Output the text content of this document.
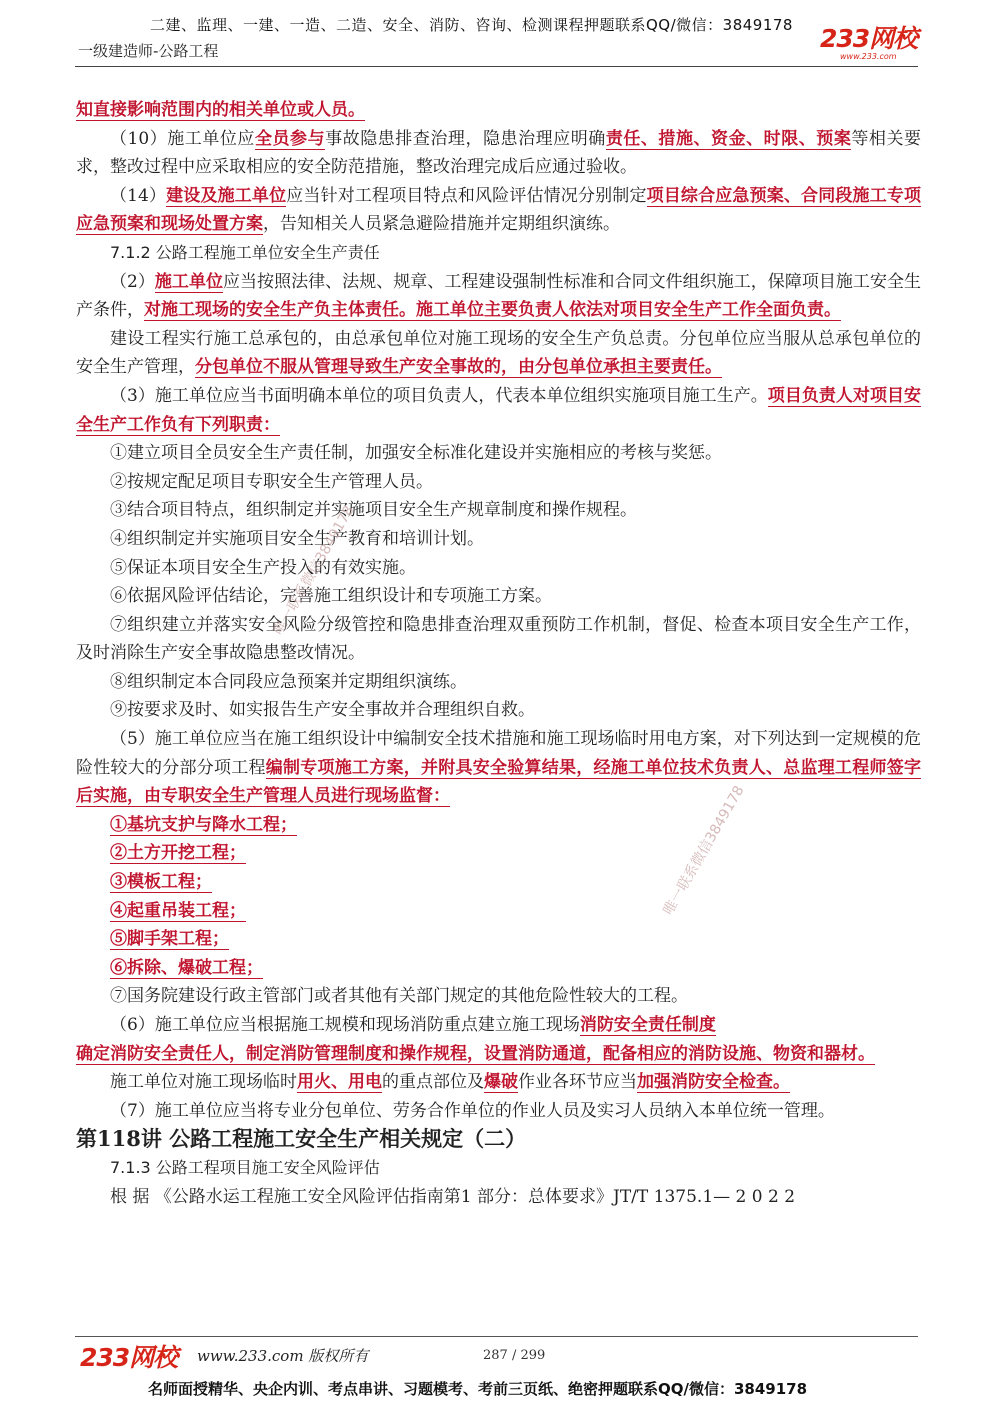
二建、监理、一建、一造、二造、安全、消防、咨询、检测课程押题联系QQ/微信：3849178
一级建造师-公路工程	233网校
www.233.com

知直接影响范围内的相关单位或人员。

（10）施工单位应全员参与事故隐患排查治理，隐患治理应明确责任、措施、资金、时限、预案等相关要求，整改过程中应采取相应的安全防范措施，整改治理完成后应通过验收。

（14）建设及施工单位应当针对工程项目特点和风险评估情况分别制定项目综合应急预案、合同段施工专项应急预案和现场处置方案，告知相关人员紧急避险措施并定期组织演练。

7.1.2 公路工程施工单位安全生产责任

（2）施工单位应当按照法律、法规、规章、工程建设强制性标准和合同文件组织施工，保障项目施工安全生产条件，对施工现场的安全生产负主体责任。施工单位主要负责人依法对项目安全生产工作全面负责。

建设工程实行施工总承包的，由总承包单位对施工现场的安全生产负总责。分包单位应当服从总承包单位的安全生产管理，分包单位不服从管理导致生产安全事故的，由分包单位承担主要责任。

（3）施工单位应当书面明确本单位的项目负责人，代表本单位组织实施项目施工生产。项目负责人对项目安全生产工作负有下列职责：

①建立项目全员安全生产责任制，加强安全标准化建设并实施相应的考核与奖惩。

②按规定配足项目专职安全生产管理人员。

③结合项目特点，组织制定并实施项目安全生产规章制度和操作规程。

④组织制定并实施项目安全生产教育和培训计划。

⑤保证本项目安全生产投入的有效实施。

⑥依据风险评估结论，完善施工组织设计和专项施工方案。

⑦组织建立并落实安全风险分级管控和隐患排查治理双重预防工作机制，督促、检查本项目安全生产工作，及时消除生产安全事故隐患整改情况。

⑧组织制定本合同段应急预案并定期组织演练。

⑨按要求及时、如实报告生产安全事故并合理组织自救。

（5）施工单位应当在施工组织设计中编制安全技术措施和施工现场临时用电方案，对下列达到一定规模的危险性较大的分部分项工程编制专项施工方案，并附具安全验算结果，经施工单位技术负责人、总监理工程师签字后实施，由专职安全生产管理人员进行现场监督：

①基坑支护与降水工程；

②土方开挖工程；

③模板工程；

④起重吊装工程；

⑤脚手架工程；

⑥拆除、爆破工程；

⑦国务院建设行政主管部门或者其他有关部门规定的其他危险性较大的工程。

（6）施工单位应当根据施工规模和现场消防重点建立施工现场消防安全责任制度

确定消防安全责任人，制定消防管理制度和操作规程，设置消防通道，配备相应的消防设施、物资和器材。

施工单位对施工现场临时用火、用电的重点部位及爆破作业各环节应当加强消防安全检查。

（7）施工单位应当将专业分包单位、劳务合作单位的作业人员及实习人员纳入本单位统一管理。

第118讲 公路工程施工安全生产相关规定（二）

7.1.3 公路工程项目施工安全风险评估

根 据 《公路水运工程施工安全风险评估指南第1 部分：总体要求》JT/T 1375.1— 2 0 2 2

唯一联系微信3849178
唯一联系微信3849178
233网校 www.233.com 版权所有	287 / 299
名师面授精华、央企内训、考点串讲、习题模考、考前三页纸、绝密押题联系QQ/微信：3849178
